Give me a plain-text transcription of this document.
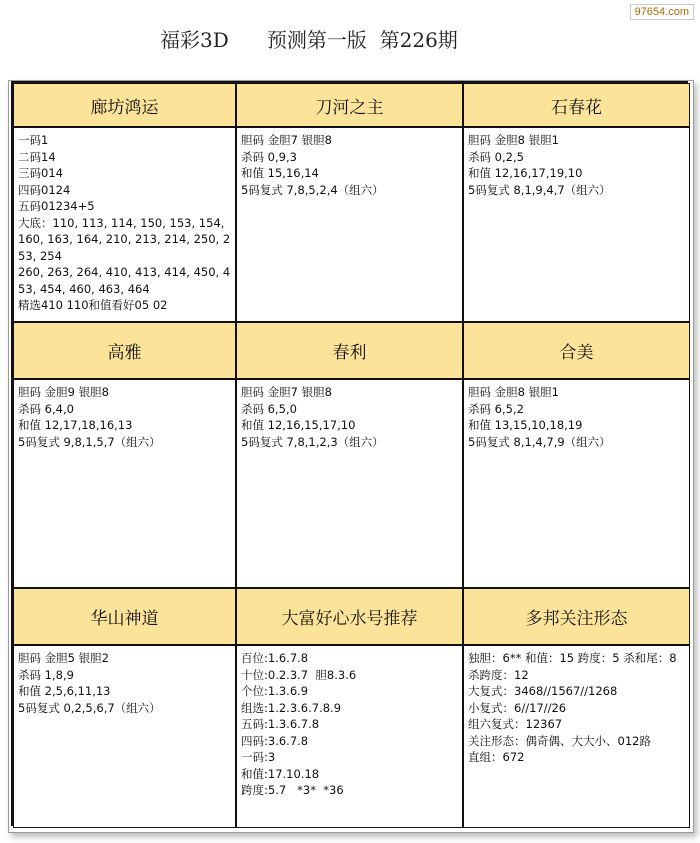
97654.com
福彩3D      预测第一版  第226期
廊坊鸿运	刀河之主	石春花
一码1
二码14
三码014
四码0124
五码01234+5
大底：110, 113, 114, 150, 153, 154, 160, 163, 164, 210, 213, 214, 250, 253, 254
260, 263, 264, 410, 413, 414, 450, 453, 454, 460, 463, 464
精选410 110和值看好05 02
胆码 金胆7 银胆8
杀码 0,9,3
和值 15,16,14
5码复式 7,8,5,2,4（组六）
胆码 金胆8 银胆1
杀码 0,2,5
和值 12,16,17,19,10
5码复式 8,1,9,4,7（组六）
高雅	春利	合美
胆码 金胆9 银胆8
杀码 6,4,0
和值 12,17,18,16,13
5码复式 9,8,1,5,7（组六）
胆码 金胆7 银胆8
杀码 6,5,0
和值 12,16,15,17,10
5码复式 7,8,1,2,3（组六）
胆码 金胆8 银胆1
杀码 6,5,2
和值 13,15,10,18,19
5码复式 8,1,4,7,9（组六）
华山神道	大富好心水号推荐	多邦关注形态
胆码 金胆5 银胆2
杀码 1,8,9
和值 2,5,6,11,13
5码复式 0,2,5,6,7（组六）
百位:1.6.7.8
十位:0.2.3.7  胆8.3.6
个位:1.3.6.9
组选:1.2.3.6.7.8.9
五码:1.3.6.7.8
四码:3.6.7.8
一码:3
和值:17.10.18
跨度:5.7   *3*  *36
独胆：6** 和值：15 跨度：5 杀和尾：8 杀跨度：12
大复式：3468//1567//1268
小复式：6//17//26
组六复式：12367
关注形态：偶奇偶、大大小、012路
直组：672
